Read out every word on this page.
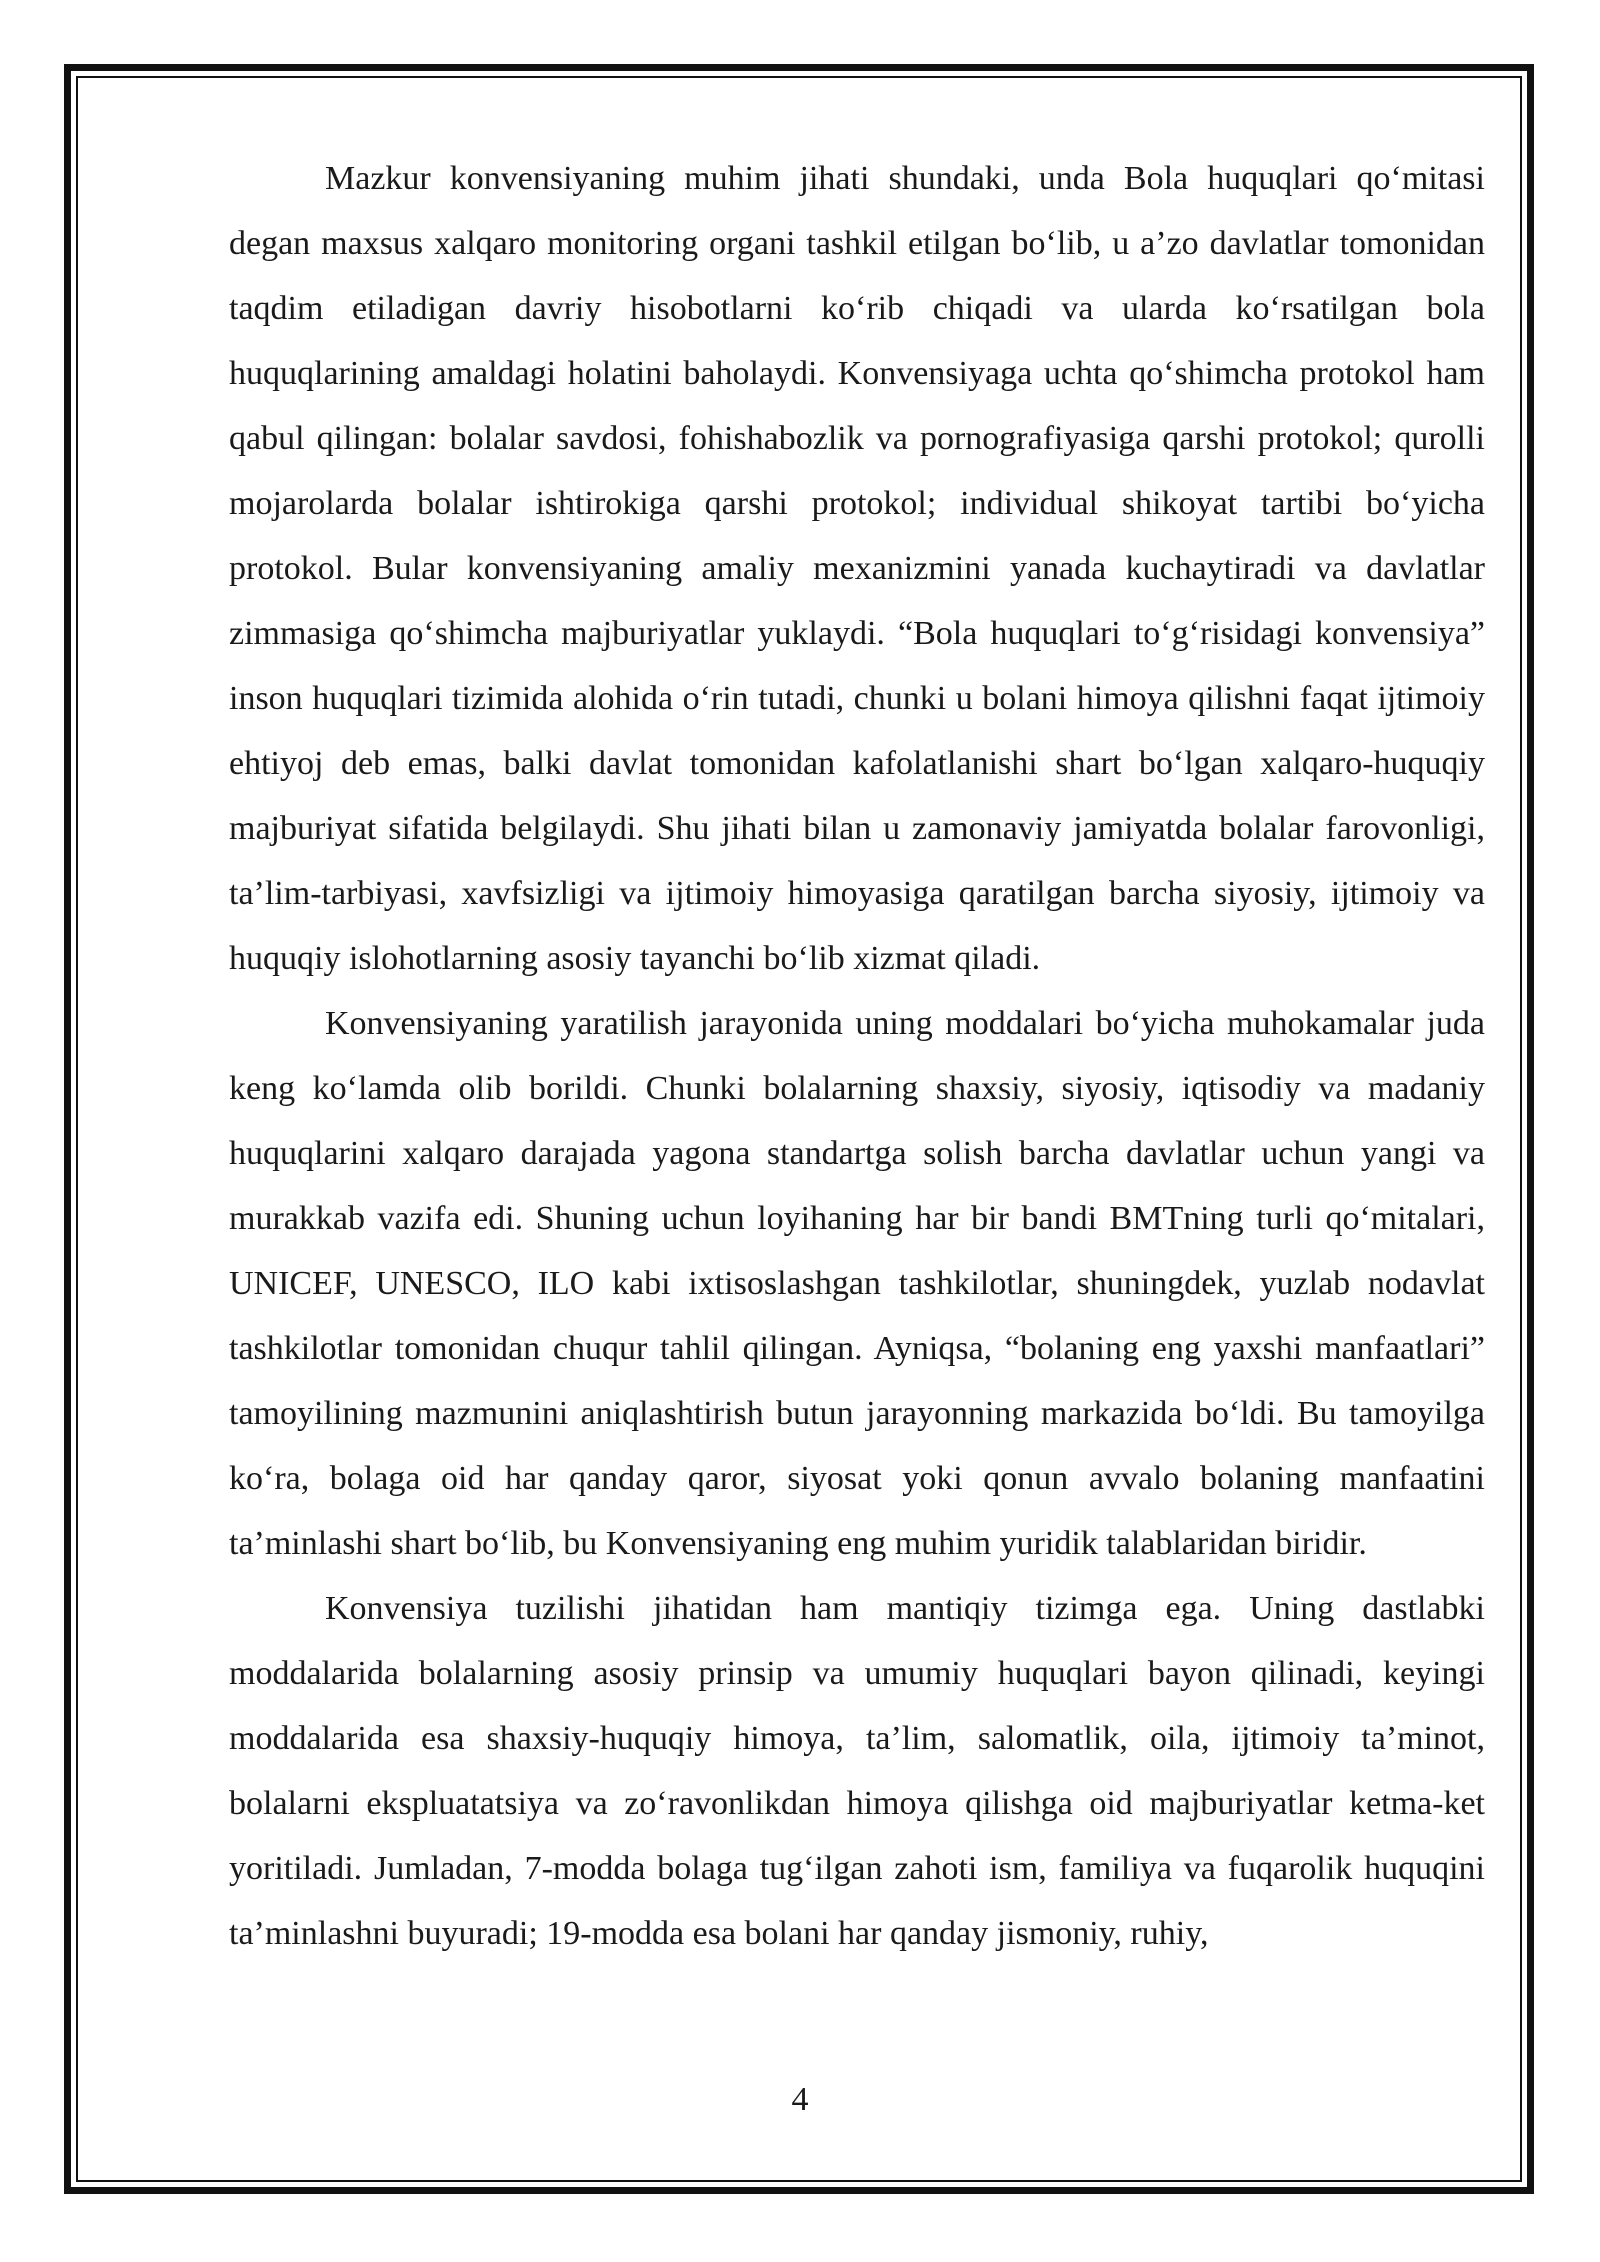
Mazkur konvensiyaning muhim jihati shundaki, unda Bola huquqlari qo‘mitasi degan maxsus xalqaro monitoring organi tashkil etilgan bo‘lib, u a’zo davlatlar tomonidan taqdim etiladigan davriy hisobotlarni ko‘rib chiqadi va ularda ko‘rsatilgan bola huquqlarining amaldagi holatini baholaydi. Konvensiyaga uchta qo‘shimcha protokol ham qabul qilingan: bolalar savdosi, fohishabozlik va pornografiyasiga qarshi protokol; qurolli mojarolarda bolalar ishtirokiga qarshi protokol; individual shikoyat tartibi bo‘yicha protokol. Bular konvensiyaning amaliy mexanizmini yanada kuchaytiradi va davlatlar zimmasiga qo‘shimcha majburiyatlar yuklaydi. “Bola huquqlari to‘g‘risidagi konvensiya” inson huquqlari tizimida alohida o‘rin tutadi, chunki u bolani himoya qilishni faqat ijtimoiy ehtiyoj deb emas, balki davlat tomonidan kafolatlanishi shart bo‘lgan xalqaro-huquqiy majburiyat sifatida belgilaydi. Shu jihati bilan u zamonaviy jamiyatda bolalar farovonligi, ta’lim-tarbiyasi, xavfsizligi va ijtimoiy himoyasiga qaratilgan barcha siyosiy, ijtimoiy va huquqiy islohotlarning asosiy tayanchi bo‘lib xizmat qiladi.

Konvensiyaning yaratilish jarayonida uning moddalari bo‘yicha muhokamalar juda keng ko‘lamda olib borildi. Chunki bolalarning shaxsiy, siyosiy, iqtisodiy va madaniy huquqlarini xalqaro darajada yagona standartga solish barcha davlatlar uchun yangi va murakkab vazifa edi. Shuning uchun loyihaning har bir bandi BMTning turli qo‘mitalari, UNICEF, UNESCO, ILO kabi ixtisoslashgan tashkilotlar, shuningdek, yuzlab nodavlat tashkilotlar tomonidan chuqur tahlil qilingan. Ayniqsa, “bolaning eng yaxshi manfaatlari” tamoyilining mazmunini aniqlashtirish butun jarayonning markazida bo‘ldi. Bu tamoyilga ko‘ra, bolaga oid har qanday qaror, siyosat yoki qonun avvalo bolaning manfaatini ta’minlashi shart bo‘lib, bu Konvensiyaning eng muhim yuridik talablaridan biridir.

Konvensiya tuzilishi jihatidan ham mantiqiy tizimga ega. Uning dastlabki moddalarida bolalarning asosiy prinsip va umumiy huquqlari bayon qilinadi, keyingi moddalarida esa shaxsiy-huquqiy himoya, ta’lim, salomatlik, oila, ijtimoiy ta’minot, bolalarni ekspluatatsiya va zo‘ravonlikdan himoya qilishga oid majburiyatlar ketma-ket yoritiladi. Jumladan, 7-modda bolaga tug‘ilgan zahoti ism, familiya va fuqarolik huquqini ta’minlashni buyuradi; 19-modda esa bolani har qanday jismoniy, ruhiy,

4
